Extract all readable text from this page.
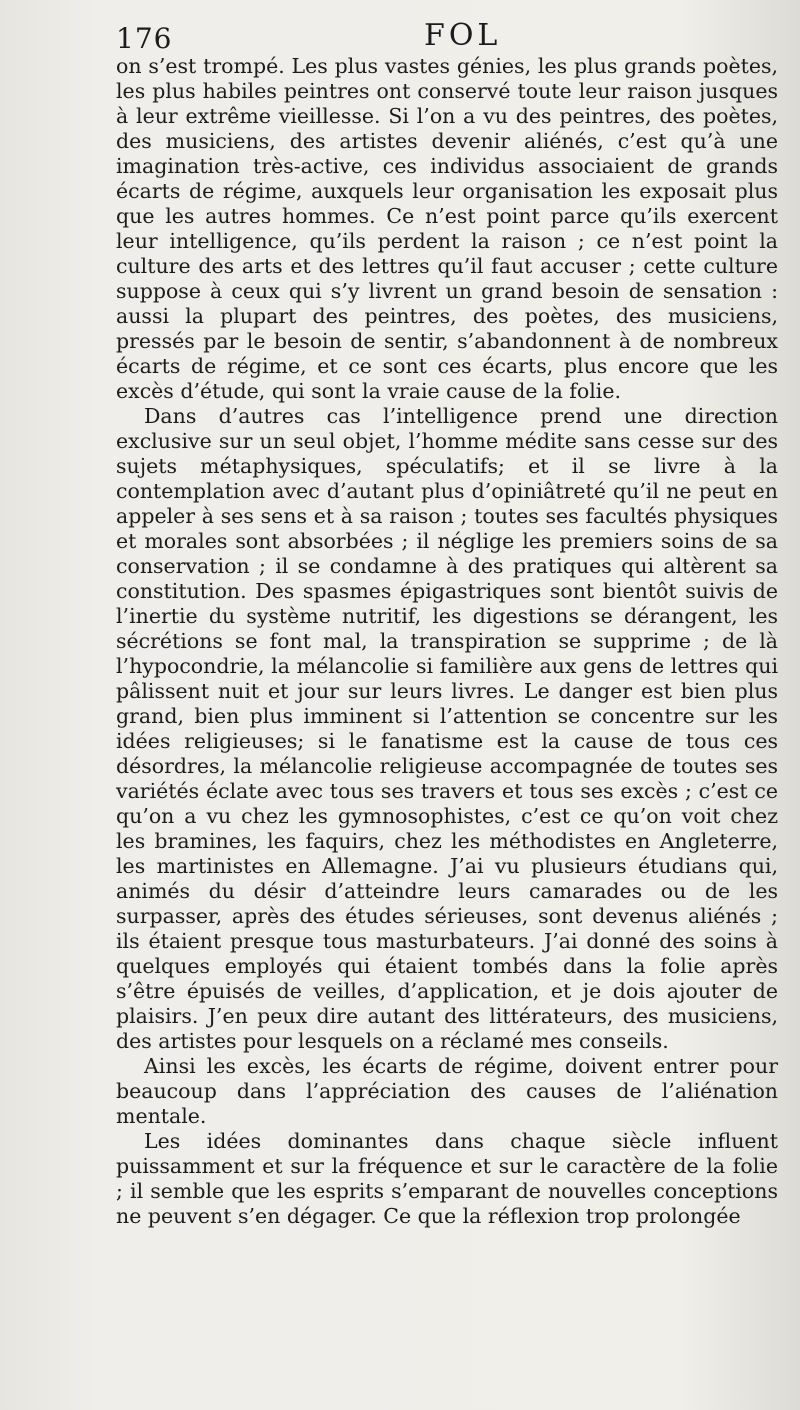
176	FOL

on s’est trompé. Les plus vastes génies, les plus grands poètes, les plus habiles peintres ont conservé toute leur raison jusques à leur extrême vieillesse. Si l’on a vu des peintres, des poètes, des musiciens, des artistes devenir aliénés, c’est qu’à une imagination très-active, ces individus associaient de grands écarts de régime, auxquels leur organisation les exposait plus que les autres hommes. Ce n’est point parce qu’ils exercent leur intelligence, qu’ils perdent la raison ; ce n’est point la culture des arts et des lettres qu’il faut accuser ; cette culture suppose à ceux qui s’y livrent un grand besoin de sensation : aussi la plupart des peintres, des poètes, des musiciens, pressés par le besoin de sentir, s’abandonnent à de nombreux écarts de régime, et ce sont ces écarts, plus encore que les excès d’étude, qui sont la vraie cause de la folie.

Dans d’autres cas l’intelligence prend une direction exclusive sur un seul objet, l’homme médite sans cesse sur des sujets métaphysiques, spéculatifs; et il se livre à la contemplation avec d’autant plus d’opiniâtreté qu’il ne peut en appeler à ses sens et à sa raison ; toutes ses facultés physiques et morales sont absorbées ; il néglige les premiers soins de sa conservation ; il se condamne à des pratiques qui altèrent sa constitution. Des spasmes épigastriques sont bientôt suivis de l’inertie du système nutritif, les digestions se dérangent, les sécrétions se font mal, la transpiration se supprime ; de là l’hypocondrie, la mélancolie si familière aux gens de lettres qui pâlissent nuit et jour sur leurs livres. Le danger est bien plus grand, bien plus imminent si l’attention se concentre sur les idées religieuses; si le fanatisme est la cause de tous ces désordres, la mélancolie religieuse accompagnée de toutes ses variétés éclate avec tous ses travers et tous ses excès ; c’est ce qu’on a vu chez les gymnosophistes, c’est ce qu’on voit chez les bramines, les faquirs, chez les méthodistes en Angleterre, les martinistes en Allemagne. J’ai vu plusieurs étudians qui, animés du désir d’atteindre leurs camarades ou de les surpasser, après des études sérieuses, sont devenus aliénés ; ils étaient presque tous masturbateurs. J’ai donné des soins à quelques employés qui étaient tombés dans la folie après s’être épuisés de veilles, d’application, et je dois ajouter de plaisirs. J’en peux dire autant des littérateurs, des musiciens, des artistes pour lesquels on a réclamé mes conseils.

Ainsi les excès, les écarts de régime, doivent entrer pour beaucoup dans l’appréciation des causes de l’aliénation mentale.

Les idées dominantes dans chaque siècle influent puissamment et sur la fréquence et sur le caractère de la folie ; il semble que les esprits s’emparant de nouvelles conceptions ne peuvent s’en dégager. Ce que la réflexion trop prolongée
